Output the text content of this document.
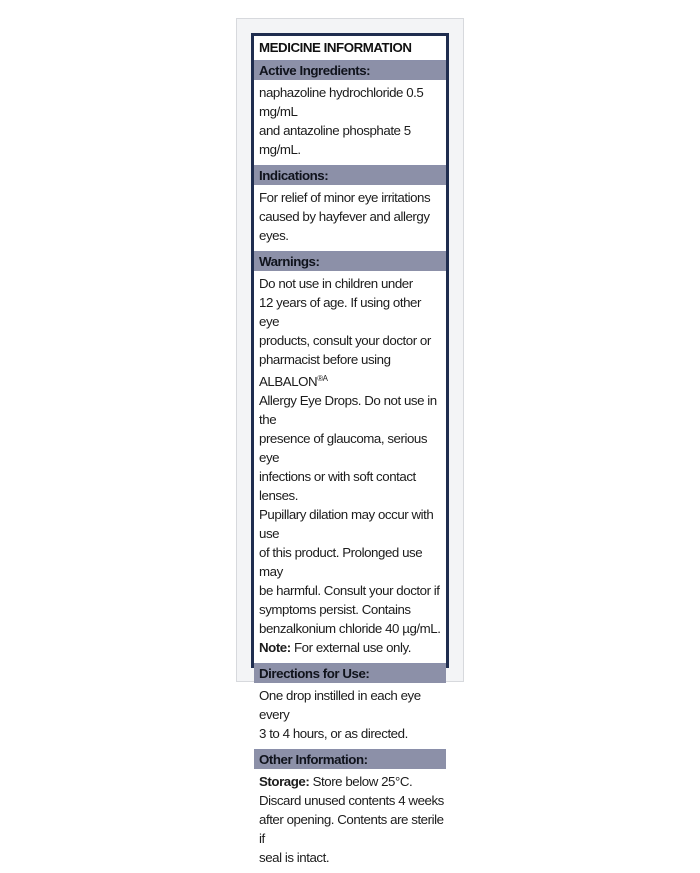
MEDICINE INFORMATION
Active Ingredients:

naphazoline hydrochloride 0.5 mg/mL

and antazoline phosphate 5 mg/mL.

Indications:

For relief of minor eye irritations

caused by hayfever and allergy eyes.

Warnings:

Do not use in children under

12 years of age. If using other eye

products, consult your doctor or

pharmacist before using $ALBALON^{®A}$

Allergy Eye Drops. Do not use in the

presence of glaucoma, serious eye

infections or with soft contact lenses.

Pupillary dilation may occur with use

of this product. Prolonged use may

be harmful. Consult your doctor if

symptoms persist. Contains

benzalkonium chloride 40 µg/mL.

Note: For external use only.

Directions for Use:

One drop instilled in each eye every

3 to 4 hours, or as directed.

Other Information:

Storage: Store below 25°C.

Discard unused contents 4 weeks

after opening. Contents are sterile if

seal is intact.
